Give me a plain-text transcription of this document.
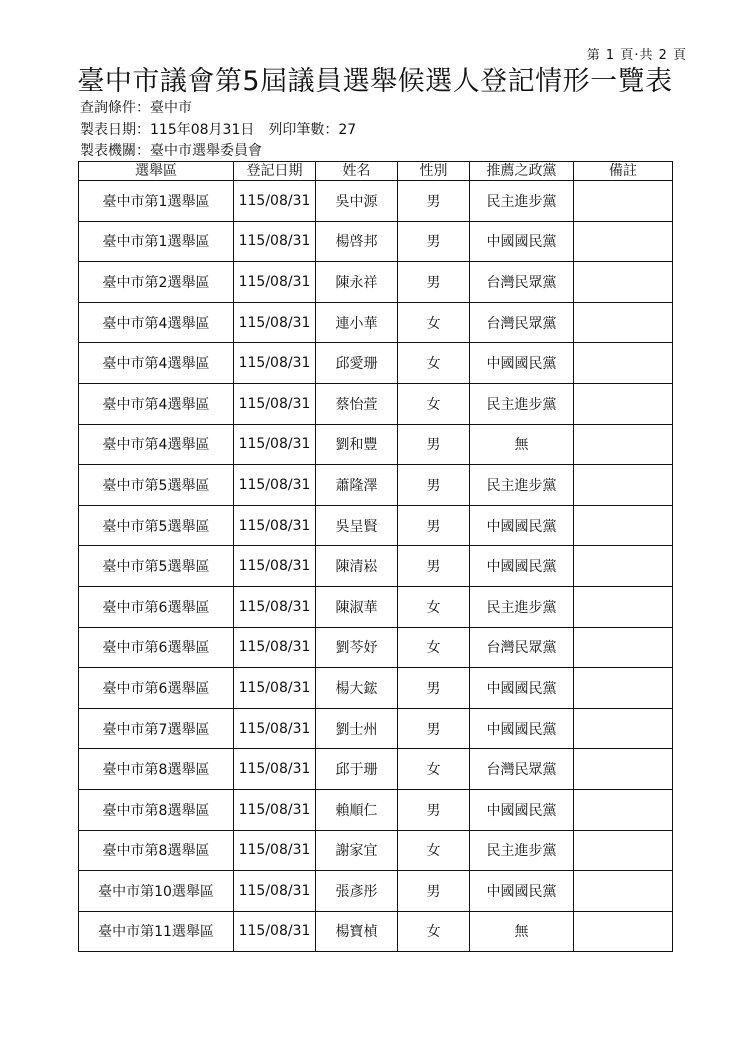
第 1 頁‧共 2 頁
臺中市議會第5屆議員選舉候選人登記情形一覽表
查詢條件：臺中市
製表日期：115年08月31日 列印筆數：27
製表機關：臺中市選舉委員會
選舉區	登記日期	姓名	性別	推薦之政黨	備註
臺中市第1選舉區	115/08/31	吳中源	男	民主進步黨	
臺中市第1選舉區	115/08/31	楊啓邦	男	中國國民黨	
臺中市第2選舉區	115/08/31	陳永祥	男	台灣民眾黨	
臺中市第4選舉區	115/08/31	連小華	女	台灣民眾黨	
臺中市第4選舉區	115/08/31	邱愛珊	女	中國國民黨	
臺中市第4選舉區	115/08/31	蔡怡萱	女	民主進步黨	
臺中市第4選舉區	115/08/31	劉和豐	男	無	
臺中市第5選舉區	115/08/31	蕭隆澤	男	民主進步黨	
臺中市第5選舉區	115/08/31	吳呈賢	男	中國國民黨	
臺中市第5選舉區	115/08/31	陳清崧	男	中國國民黨	
臺中市第6選舉區	115/08/31	陳淑華	女	民主進步黨	
臺中市第6選舉區	115/08/31	劉芩妤	女	台灣民眾黨	
臺中市第6選舉區	115/08/31	楊大鋐	男	中國國民黨	
臺中市第7選舉區	115/08/31	劉士州	男	中國國民黨	
臺中市第8選舉區	115/08/31	邱于珊	女	台灣民眾黨	
臺中市第8選舉區	115/08/31	賴順仁	男	中國國民黨	
臺中市第8選舉區	115/08/31	謝家宜	女	民主進步黨	
臺中市第10選舉區	115/08/31	張彥彤	男	中國國民黨	
臺中市第11選舉區	115/08/31	楊寶楨	女	無	
